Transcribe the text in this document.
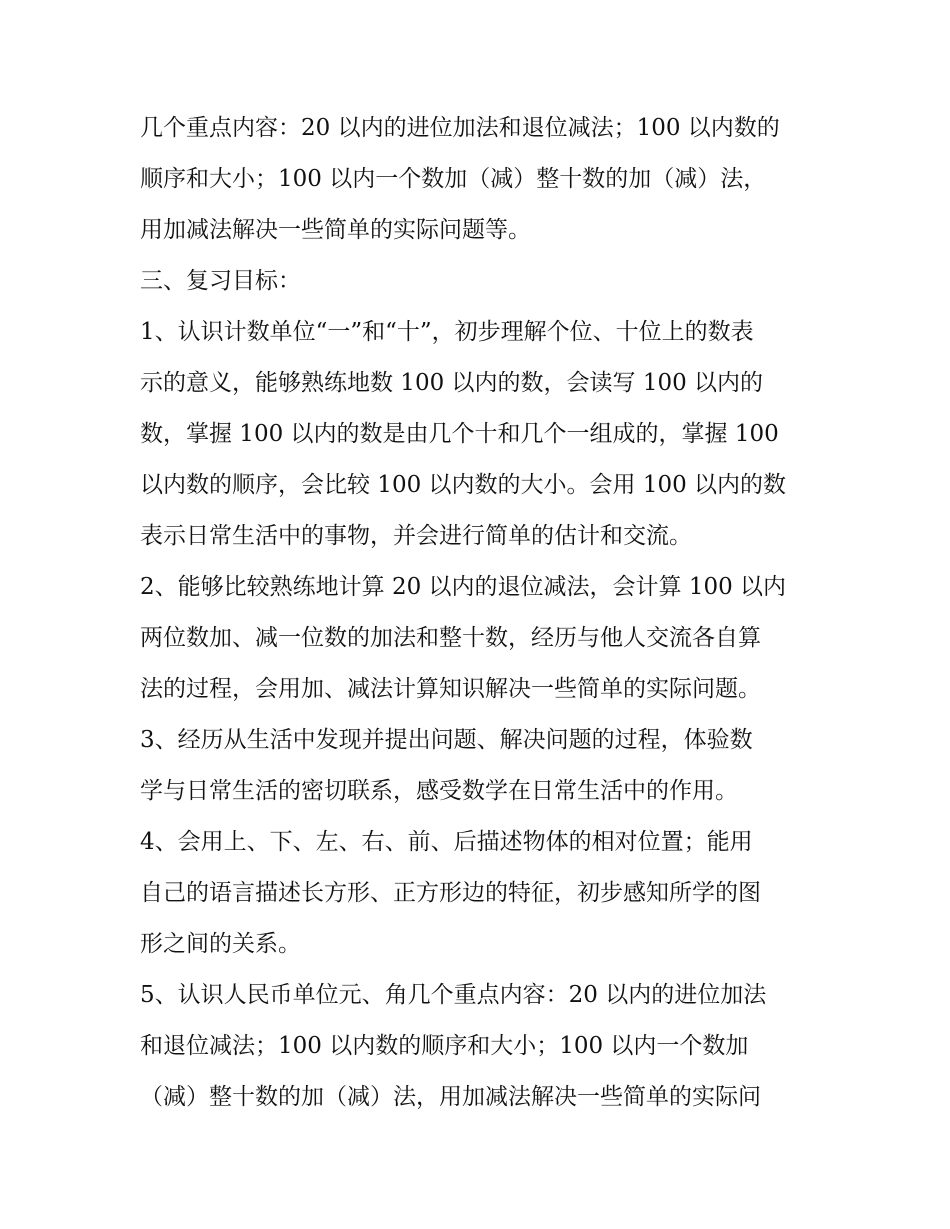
几个重点内容：20 以内的进位加法和退位减法；100 以内数的
顺序和大小；100 以内一个数加（减）整十数的加（减）法，
用加减法解决一些简单的实际问题等。
三、复习目标：
1、认识计数单位“一”和“十”，初步理解个位、十位上的数表
示的意义，能够熟练地数 100 以内的数，会读写 100 以内的
数，掌握 100 以内的数是由几个十和几个一组成的，掌握 100
以内数的顺序，会比较 100 以内数的大小。会用 100 以内的数
表示日常生活中的事物，并会进行简单的估计和交流。
2、能够比较熟练地计算 20 以内的退位减法，会计算 100 以内
两位数加、减一位数的加法和整十数，经历与他人交流各自算
法的过程，会用加、减法计算知识解决一些简单的实际问题。
3、经历从生活中发现并提出问题、解决问题的过程，体验数
学与日常生活的密切联系，感受数学在日常生活中的作用。
4、会用上、下、左、右、前、后描述物体的相对位置；能用
自己的语言描述长方形、正方形边的特征，初步感知所学的图
形之间的关系。
5、认识人民币单位元、角几个重点内容：20 以内的进位加法
和退位减法；100 以内数的顺序和大小；100 以内一个数加
（减）整十数的加（减）法，用加减法解决一些简单的实际问
